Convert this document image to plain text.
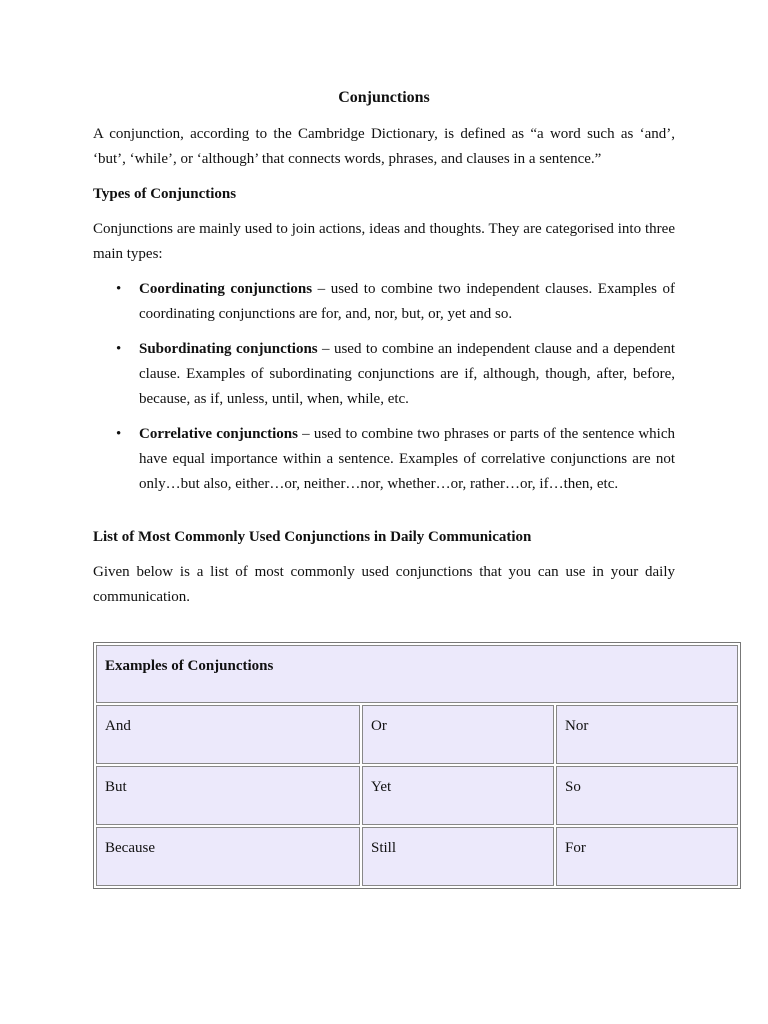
Conjunctions

A conjunction, according to the Cambridge Dictionary, is defined as “a word such as ‘and’, ‘but’, ‘while’, or ‘although’ that connects words, phrases, and clauses in a sentence.”

Types of Conjunctions

Conjunctions are mainly used to join actions, ideas and thoughts. They are categorised into three main types:

• Coordinating conjunctions – used to combine two independent clauses. Examples of coordinating conjunctions are for, and, nor, but, or, yet and so.
• Subordinating conjunctions – used to combine an independent clause and a dependent clause. Examples of subordinating conjunctions are if, although, though, after, before, because, as if, unless, until, when, while, etc.
• Correlative conjunctions – used to combine two phrases or parts of the sentence which have equal importance within a sentence. Examples of correlative conjunctions are not only…but also, either…or, neither…nor, whether…or, rather…or, if…then, etc.
List of Most Commonly Used Conjunctions in Daily Communication

Given below is a list of most commonly used conjunctions that you can use in your daily communication.

Examples of Conjunctions		
And	Or	Nor
But	Yet	So
Because	Still	For
